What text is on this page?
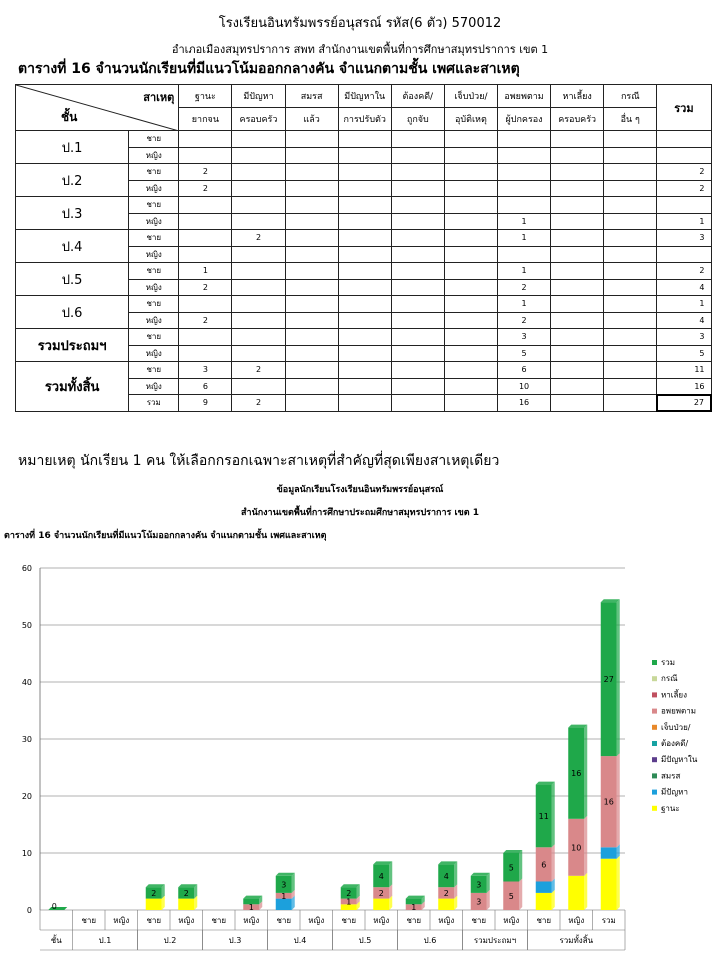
โรงเรียนอินทรัมพรรย์อนุสรณ์ รหัส(6 ตัว) 570012
อำเภอเมืองสมุทรปราการ สพท สำนักงานเขตพื้นที่การศึกษาสมุทรปราการ เขต 1
ตารางที่ 16 จำนวนนักเรียนที่มีแนวโน้มออกกลางคัน จำแนกตามชั้น เพศและสาเหตุ
สาเหตุ
ชั้น		ฐานะ	มีปัญหา	สมรส	มีปัญหาใน	ต้องคดี/	เจ็บป่วย/	อพยพตาม	หาเลี้ยง	กรณี	รวม
		ยากจน	ครอบครัว	แล้ว	การปรับตัว	ถูกจับ	อุบัติเหตุ	ผู้ปกครอง	ครอบครัว	อื่น ๆ	
ป.1	ชาย										
	หญิง										
ป.2	ชาย	2									2
	หญิง	2									2
ป.3	ชาย										
	หญิง							1			1
ป.4	ชาย		2					1			3
	หญิง										
ป.5	ชาย	1						1			2
	หญิง	2						2			4
ป.6	ชาย							1			1
	หญิง	2						2			4
รวมประถมฯ	ชาย							3			3
	หญิง							5			5
รวมทั้งสิ้น	ชาย	3	2					6			11
	หญิง	6						10			16
	รวม	9	2					16			27
หมายเหตุ นักเรียน 1 คน ให้เลือกกรอกเฉพาะสาเหตุที่สำคัญที่สุดเพียงสาเหตุเดียว
ข้อมูลนักเรียนโรงเรียนอินทรัมพรรย์อนุสรณ์
สำนักงานเขตพื้นที่การศึกษาประถมศึกษาสมุทรปราการ เขต 1
ตารางที่ 16 จำนวนนักเรียนที่มีแนวโน้มออกกลางคัน จำแนกตามชั้น เพศและสาเหตุ
0
10
20
30
40
50
60
ชั้น
ชาย หญิง ชาย หญิง ชาย หญิง ชาย หญิง ชาย หญิง ชาย หญิง ชาย หญิง ชาย หญิง รวม
ป.1	ป.2	ป.3	ป.4	ป.5	ป.6	รวมประถมฯ	รวมทั้งสิ้น
0
2	2
1
1
3
1
2	2
4
1
2
4
3
3
5
5	6
11
10
16
16
27
รวม
กรณี
หาเลี้ยง
อพยพตาม
เจ็บป่วย/
ต้องคดี/
มีปัญหาใน
สมรส
มีปัญหา
ฐานะ
